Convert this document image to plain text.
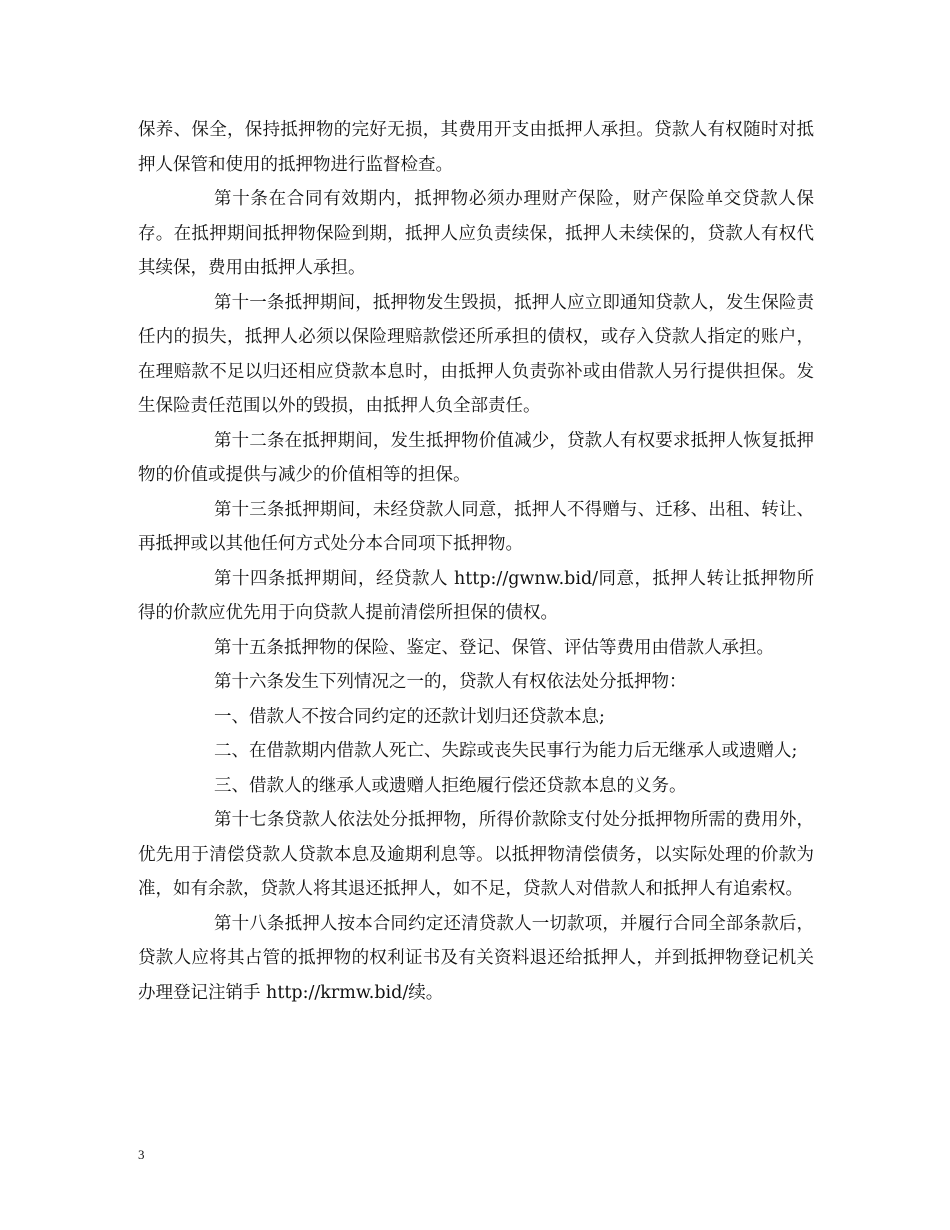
保养、保全，保持抵押物的完好无损，其费用开支由抵押人承担。贷款人有权随时对抵押人保管和使用的抵押物进行监督检查。

第十条在合同有效期内，抵押物必须办理财产保险，财产保险单交贷款人保存。在抵押期间抵押物保险到期，抵押人应负责续保，抵押人未续保的，贷款人有权代其续保，费用由抵押人承担。

第十一条抵押期间，抵押物发生毁损，抵押人应立即通知贷款人，发生保险责任内的损失，抵押人必须以保险理赔款偿还所承担的债权，或存入贷款人指定的账户，在理赔款不足以归还相应贷款本息时，由抵押人负责弥补或由借款人另行提供担保。发生保险责任范围以外的毁损，由抵押人负全部责任。

第十二条在抵押期间，发生抵押物价值减少，贷款人有权要求抵押人恢复抵押物的价值或提供与减少的价值相等的担保。

第十三条抵押期间，未经贷款人同意，抵押人不得赠与、迁移、出租、转让、再抵押或以其他任何方式处分本合同项下抵押物。

第十四条抵押期间，经贷款人 http://gwnw.bid/同意，抵押人转让抵押物所得的价款应优先用于向贷款人提前清偿所担保的债权。

第十五条抵押物的保险、鉴定、登记、保管、评估等费用由借款人承担。

第十六条发生下列情况之一的，贷款人有权依法处分抵押物：

一、借款人不按合同约定的还款计划归还贷款本息;

二、在借款期内借款人死亡、失踪或丧失民事行为能力后无继承人或遗赠人;

三、借款人的继承人或遗赠人拒绝履行偿还贷款本息的义务。

第十七条贷款人依法处分抵押物，所得价款除支付处分抵押物所需的费用外，优先用于清偿贷款人贷款本息及逾期利息等。以抵押物清偿债务，以实际处理的价款为准，如有余款，贷款人将其退还抵押人，如不足，贷款人对借款人和抵押人有追索权。

第十八条抵押人按本合同约定还清贷款人一切款项，并履行合同全部条款后，贷款人应将其占管的抵押物的权利证书及有关资料退还给抵押人，并到抵押物登记机关办理登记注销手 http://krmw.bid/续。

3
